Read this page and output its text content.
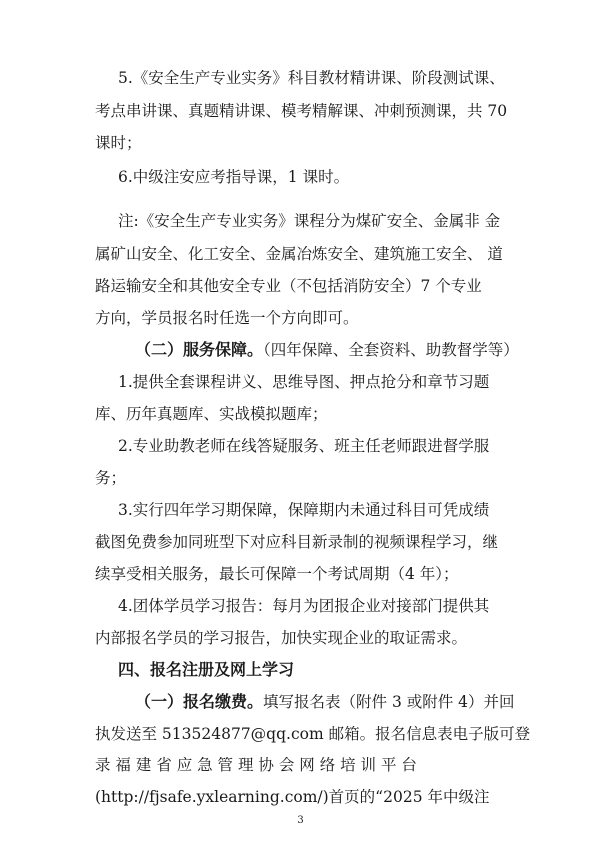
5.《安全生产专业实务》科目教材精讲课、阶段测试课、
考点串讲课、真题精讲课、模考精解课、冲刺预测课，共 70
课时；
6.中级注安应考指导课，1 课时。
注:《安全生产专业实务》课程分为煤矿安全、金属非 金
属矿山安全、化工安全、金属冶炼安全、建筑施工安全、 道
路运输安全和其他安全专业（不包括消防安全）7 个专业
方向，学员报名时任选一个方向即可。
（二）服务保障。（四年保障、全套资料、助教督学等）
1.提供全套课程讲义、思维导图、押点抢分和章节习题
库、历年真题库、实战模拟题库；
2.专业助教老师在线答疑服务、班主任老师跟进督学服
务；
3.实行四年学习期保障，保障期内未通过科目可凭成绩
截图免费参加同班型下对应科目新录制的视频课程学习，继
续享受相关服务，最长可保障一个考试周期（4 年）；
4.团体学员学习报告：每月为团报企业对接部门提供其
内部报名学员的学习报告，加快实现企业的取证需求。
四、报名注册及网上学习
（一）报名缴费。填写报名表（附件 3 或附件 4）并回
执发送至 513524877@qq.com 邮箱。报名信息表电子版可登
录 福 建 省 应 急 管 理 协 会 网 络 培 训 平 台
(http://fjsafe.yxlearning.com/)首页的“2025 年中级注
3
